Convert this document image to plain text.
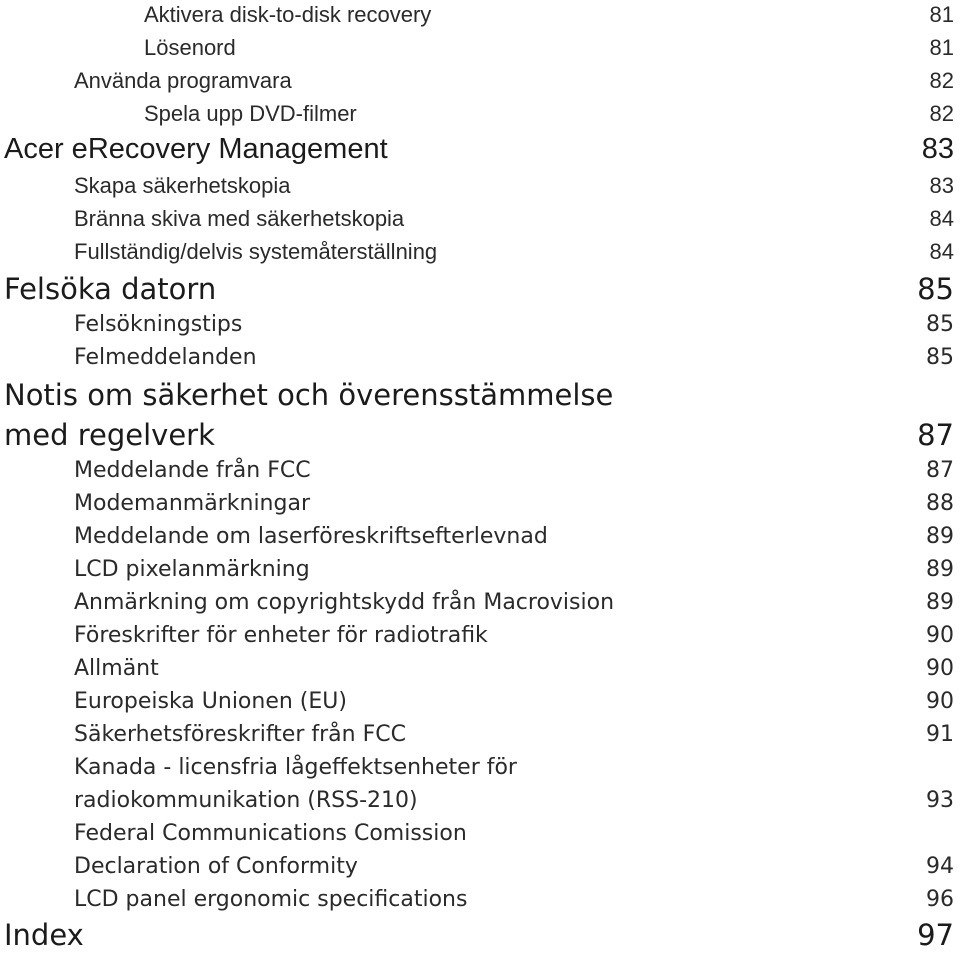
Aktivera disk-to-disk recovery	81
Lösenord	81
Använda programvara	82
Spela upp DVD-filmer	82
Acer eRecovery Management	83
Skapa säkerhetskopia	83
Bränna skiva med säkerhetskopia	84
Fullständig/delvis systemåterställning	84
Felsöka datorn	85
Felsökningstips	85
Felmeddelanden	85
Notis om säkerhet och överensstämmelse
med regelverk	87
Meddelande från FCC	87
Modemanmärkningar	88
Meddelande om laserföreskriftsefterlevnad	89
LCD pixelanmärkning	89
Anmärkning om copyrightskydd från Macrovision	89
Föreskrifter för enheter för radiotrafik	90
Allmänt	90
Europeiska Unionen (EU)	90
Säkerhetsföreskrifter från FCC	91
Kanada - licensfria lågeffektsenheter för
radiokommunikation (RSS-210)	93
Federal Communications Comission
Declaration of Conformity	94
LCD panel ergonomic specifications	96
Index	97
